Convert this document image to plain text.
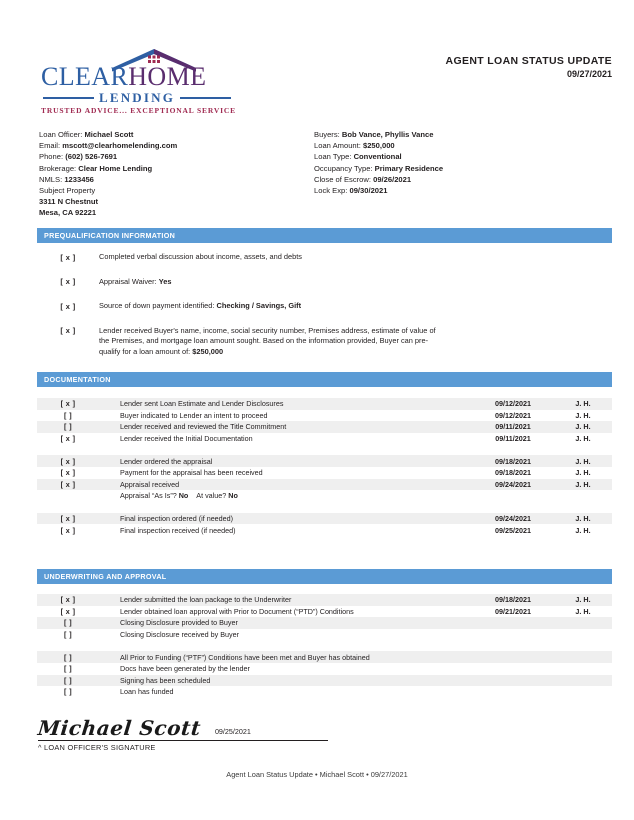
CLEARHOME
LENDING
TRUSTED ADVICE... EXCEPTIONAL SERVICE
AGENT LOAN STATUS UPDATE
09/27/2021
Loan Officer: Michael Scott
Email: mscott@clearhomelending.com
Phone: (602) 526-7691
Brokerage: Clear Home Lending
NMLS: 1233456
Subject Property
3311 N Chestnut
Mesa, CA 92221
Buyers: Bob Vance, Phyllis Vance
Loan Amount: $250,000
Loan Type: Conventional
Occupancy Type: Primary Residence
Close of Escrow: 09/26/2021
Lock Exp: 09/30/2021
PREQUALIFICATION INFORMATION
[ x ]	Completed verbal discussion about income, assets, and debts
[ x ]	Appraisal Waiver: Yes
[ x ]	Source of down payment identified: Checking / Savings, Gift
[ x ]	Lender received Buyer's name, income, social security number, Premises address, estimate of value of the Premises, and mortgage loan amount sought. Based on the information provided, Buyer can pre-qualify for a loan amount of: $250,000
DOCUMENTATION
[ x ]	Lender sent Loan Estimate and Lender Disclosures	09/12/2021	J. H.
[ ]	Buyer indicated to Lender an intent to proceed	09/12/2021	J. H.
[ ]	Lender received and reviewed the Title Commitment	09/11/2021	J. H.
[ x ]	Lender received the Initial Documentation	09/11/2021	J. H.
[ x ]	Lender ordered the appraisal	09/18/2021	J. H.
[ x ]	Payment for the appraisal has been received	09/18/2021	J. H.
[ x ]	Appraisal received	09/24/2021	J. H.
Appraisal “As Is”? No    At value? No
[ x ]	Final inspection ordered (if needed)	09/24/2021	J. H.
[ x ]	Final inspection received (if needed)	09/25/2021	J. H.
UNDERWRITING AND APPROVAL
[ x ]	Lender submitted the loan package to the Underwriter	09/18/2021	J. H.
[ x ]	Lender obtained loan approval with Prior to Document (“PTD”) Conditions	09/21/2021	J. H.
[ ]	Closing Disclosure provided to Buyer
[ ]	Closing Disclosure received by Buyer
[ ]	All Prior to Funding (“PTF”) Conditions have been met and Buyer has obtained
[ ]	Docs have been generated by the lender
[ ]	Signing has been scheduled
[ ]	Loan has funded
Michael Scott 09/25/2021
^ LOAN OFFICER'S SIGNATURE
Agent Loan Status Update • Michael Scott • 09/27/2021
